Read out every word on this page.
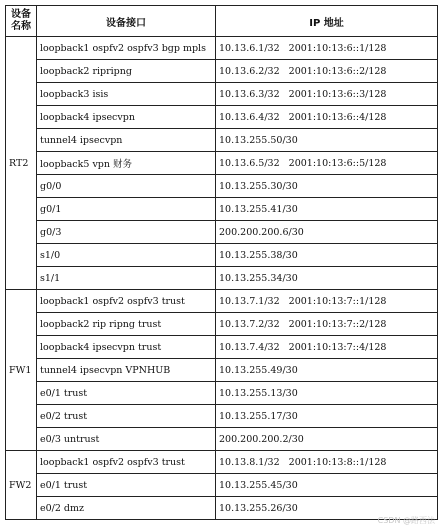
设备
名称	设备接口	IP 地址
RT2	loopback1 ospfv2 ospfv3 bgp mpls	10.13.6.1/32   2001:10:13:6::1/128
	loopback2 ripripng	10.13.6.2/32   2001:10:13:6::2/128
	loopback3 isis	10.13.6.3/32   2001:10:13:6::3/128
	loopback4 ipsecvpn	10.13.6.4/32   2001:10:13:6::4/128
	tunnel4 ipsecvpn	10.13.255.50/30
	loopback5 vpn 财务	10.13.6.5/32   2001:10:13:6::5/128
	g0/0	10.13.255.30/30
	g0/1	10.13.255.41/30
	g0/3	200.200.200.6/30
	s1/0	10.13.255.38/30
	s1/1	10.13.255.34/30
FW1	loopback1 ospfv2 ospfv3 trust	10.13.7.1/32   2001:10:13:7::1/128
	loopback2 rip ripng trust	10.13.7.2/32   2001:10:13:7::2/128
	loopback4 ipsecvpn trust	10.13.7.4/32   2001:10:13:7::4/128
	tunnel4 ipsecvpn VPNHUB	10.13.255.49/30
	e0/1 trust	10.13.255.13/30
	e0/2 trust	10.13.255.17/30
	e0/3 untrust	200.200.200.2/30
FW2	loopback1 ospfv2 ospfv3 trust	10.13.8.1/32   2001:10:13:8::1/128
	e0/1 trust	10.13.255.45/30
	e0/2 dmz	10.13.255.26/30
CSDN @路西法
